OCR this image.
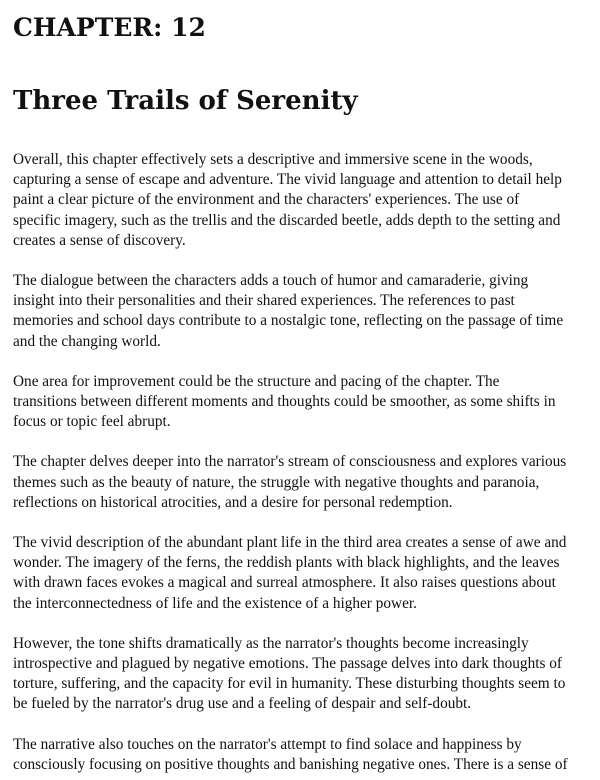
CHAPTER: 12
Three Trails of Serenity

Overall, this chapter effectively sets a descriptive and immersive scene in the woods,
capturing a sense of escape and adventure. The vivid language and attention to detail help
paint a clear picture of the environment and the characters' experiences. The use of
specific imagery, such as the trellis and the discarded beetle, adds depth to the setting and
creates a sense of discovery.

The dialogue between the characters adds a touch of humor and camaraderie, giving
insight into their personalities and their shared experiences. The references to past
memories and school days contribute to a nostalgic tone, reflecting on the passage of time
and the changing world.

One area for improvement could be the structure and pacing of the chapter. The
transitions between different moments and thoughts could be smoother, as some shifts in
focus or topic feel abrupt.

The chapter delves deeper into the narrator's stream of consciousness and explores various
themes such as the beauty of nature, the struggle with negative thoughts and paranoia,
reflections on historical atrocities, and a desire for personal redemption.

The vivid description of the abundant plant life in the third area creates a sense of awe and
wonder. The imagery of the ferns, the reddish plants with black highlights, and the leaves
with drawn faces evokes a magical and surreal atmosphere. It also raises questions about
the interconnectedness of life and the existence of a higher power.

However, the tone shifts dramatically as the narrator's thoughts become increasingly
introspective and plagued by negative emotions. The passage delves into dark thoughts of
torture, suffering, and the capacity for evil in humanity. These disturbing thoughts seem to
be fueled by the narrator's drug use and a feeling of despair and self-doubt.

The narrative also touches on the narrator's attempt to find solace and happiness by
consciously focusing on positive thoughts and banishing negative ones. There is a sense of
